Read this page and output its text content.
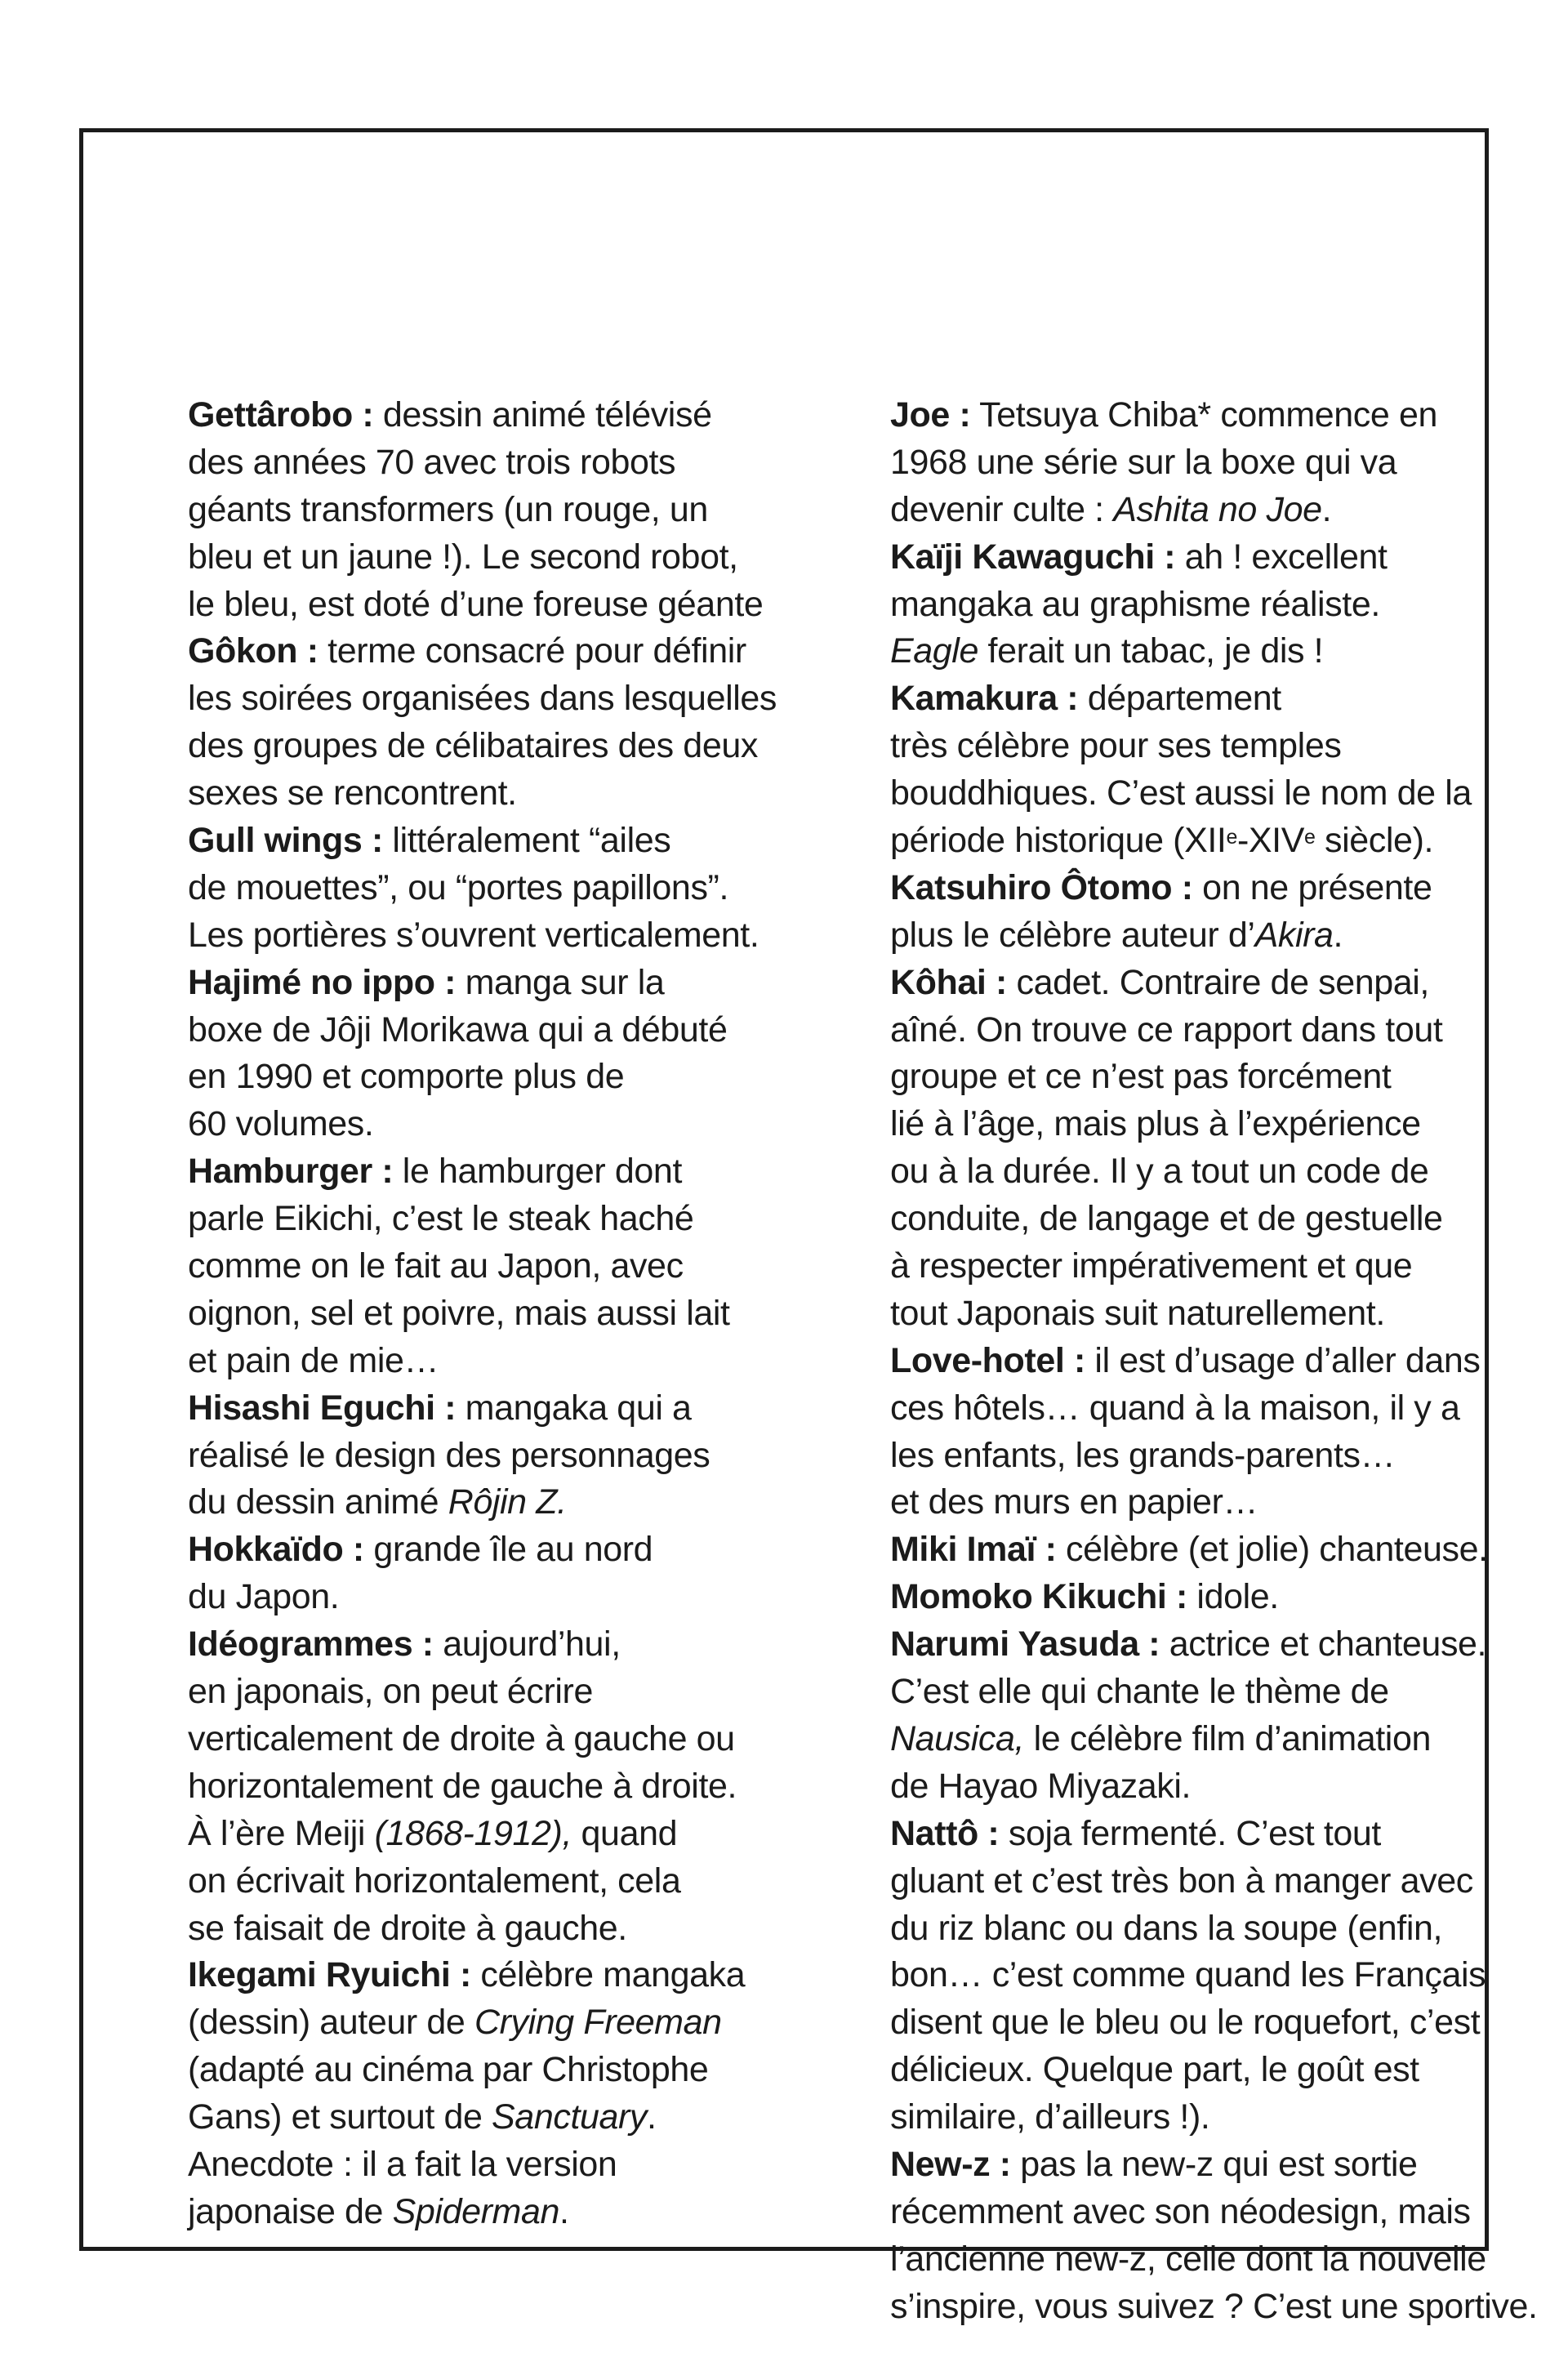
Gettârobo : dessin animé télévisé
des années 70 avec trois robots
géants transformers (un rouge, un
bleu et un jaune !). Le second robot,
le bleu, est doté d’une foreuse géante
Gôkon : terme consacré pour définir
les soirées organisées dans lesquelles
des groupes de célibataires des deux
sexes se rencontrent.
Gull wings : littéralement “ailes
de mouettes”, ou “portes papillons”.
Les portières s’ouvrent verticalement.
Hajimé no ippo : manga sur la
boxe de Jôji Morikawa qui a débuté
en 1990 et comporte plus de
60 volumes.
Hamburger : le hamburger dont
parle Eikichi, c’est le steak haché
comme on le fait au Japon, avec
oignon, sel et poivre, mais aussi lait
et pain de mie…
Hisashi Eguchi : mangaka qui a
réalisé le design des personnages
du dessin animé Rôjin Z.
Hokkaïdo : grande île au nord
du Japon.
Idéogrammes : aujourd’hui,
en japonais, on peut écrire
verticalement de droite à gauche ou
horizontalement de gauche à droite.
À l’ère Meiji (1868-1912), quand
on écrivait horizontalement, cela
se faisait de droite à gauche.
Ikegami Ryuichi : célèbre mangaka
(dessin) auteur de Crying Freeman
(adapté au cinéma par Christophe
Gans) et surtout de Sanctuary.
Anecdote : il a fait la version
japonaise de Spiderman.
Joe : Tetsuya Chiba* commence en
1968 une série sur la boxe qui va
devenir culte : Ashita no Joe.
Kaïji Kawaguchi : ah ! excellent
mangaka au graphisme réaliste.
Eagle ferait un tabac, je dis !
Kamakura : département
très célèbre pour ses temples
bouddhiques. C’est aussi le nom de la
période historique (XIIe-XIVe siècle).
Katsuhiro Ôtomo : on ne présente
plus le célèbre auteur d’Akira.
Kôhai : cadet. Contraire de senpai,
aîné. On trouve ce rapport dans tout
groupe et ce n’est pas forcément
lié à l’âge, mais plus à l’expérience
ou à la durée. Il y a tout un code de
conduite, de langage et de gestuelle
à respecter impérativement et que
tout Japonais suit naturellement.
Love-hotel : il est d’usage d’aller dans
ces hôtels… quand à la maison, il y a
les enfants, les grands-parents…
et des murs en papier…
Miki Imaï : célèbre (et jolie) chanteuse.
Momoko Kikuchi : idole.
Narumi Yasuda : actrice et chanteuse.
C’est elle qui chante le thème de
Nausica, le célèbre film d’animation
de Hayao Miyazaki.
Nattô : soja fermenté. C’est tout
gluant et c’est très bon à manger avec
du riz blanc ou dans la soupe (enfin,
bon… c’est comme quand les Français
disent que le bleu ou le roquefort, c’est
délicieux. Quelque part, le goût est
similaire, d’ailleurs !).
New-z : pas la new-z qui est sortie
récemment avec son néodesign, mais
l’ancienne new-z, celle dont la nouvelle
s’inspire, vous suivez ? C’est une sportive.
